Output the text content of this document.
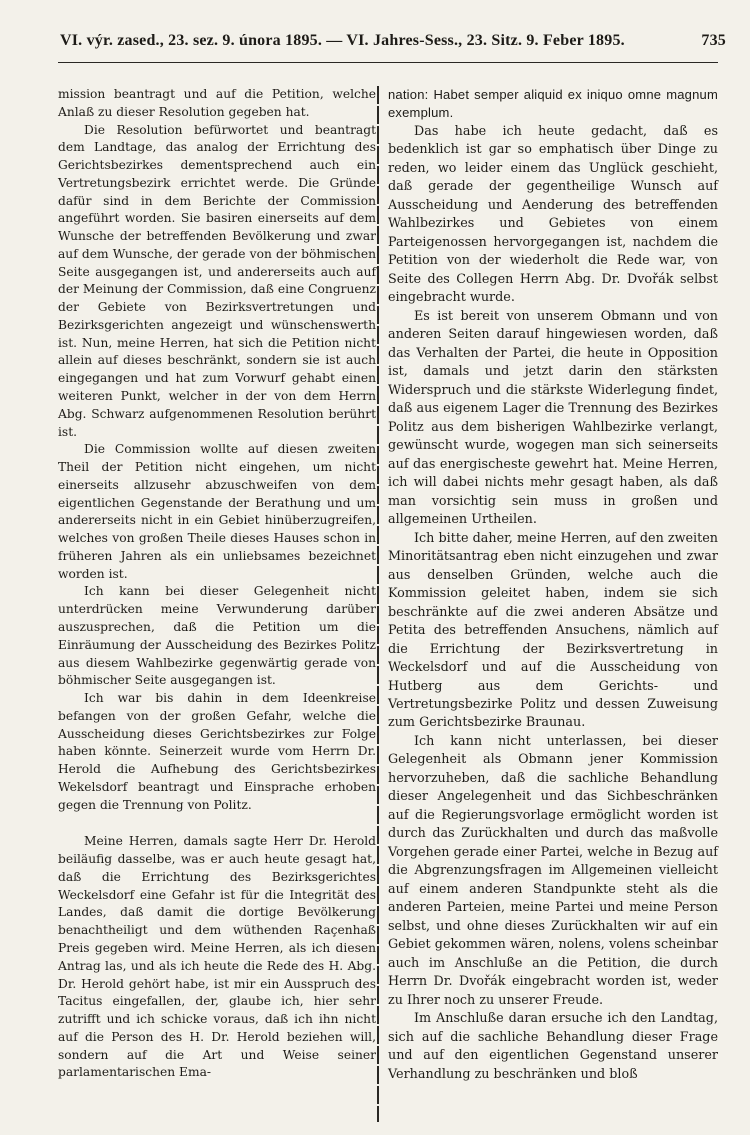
VI. výr. zased., 23. sez. 9. února 1895. — VI. Jahres-Sess., 23. Sitz. 9. Feber 1895.	735

mission beantragt und auf die Petition, welche Anlaß zu dieser Resolution gegeben hat.

Die Resolution befürwortet und beantragt dem Landtage, das analog der Errichtung des Gerichtsbezirkes dementsprechend auch ein Vertretungsbezirk errichtet werde. Die Gründe dafür sind in dem Berichte der Commission angeführt worden. Sie basiren einerseits auf dem Wunsche der betreffenden Bevölkerung und zwar auf dem Wunsche, der gerade von der böhmischen Seite ausgegangen ist, und andererseits auch auf der Meinung der Commission, daß eine Congruenz der Gebiete von Bezirksvertretungen und Bezirksgerichten angezeigt und wünschenswerth ist. Nun, meine Herren, hat sich die Petition nicht allein auf dieses beschränkt, sondern sie ist auch eingegangen und hat zum Vorwurf gehabt einen weiteren Punkt, welcher in der von dem Herrn Abg. Schwarz aufgenommenen Resolution berührt ist.

Die Commission wollte auf diesen zweiten Theil der Petition nicht eingehen, um nicht einerseits allzusehr abzuschweifen von dem eigentlichen Gegenstande der Berathung und um andererseits nicht in ein Gebiet hinüberzugreifen, welches von großen Theile dieses Hauses schon in früheren Jahren als ein unliebsames bezeichnet worden ist.

Ich kann bei dieser Gelegenheit nicht unterdrücken meine Verwunderung darüber auszusprechen, daß die Petition um die Einräumung der Ausscheidung des Bezirkes Politz aus diesem Wahlbezirke gegenwärtig gerade von böhmischer Seite ausgegangen ist.

Ich war bis dahin in dem Ideenkreise befangen von der großen Gefahr, welche die Ausscheidung dieses Gerichtsbezirkes zur Folge haben könnte. Seinerzeit wurde vom Herrn Dr. Herold die Aufhebung des Gerichtsbezirkes Wekelsdorf beantragt und Einsprache erhoben gegen die Trennung von Politz.

Meine Herren, damals sagte Herr Dr. Herold beiläufig dasselbe, was er auch heute gesagt hat, daß die Errichtung des Bezirksgerichtes Weckelsdorf eine Gefahr ist für die Integrität des Landes, daß damit die dortige Bevölkerung benachtheiligt und dem wüthenden Raçenhaß Preis gegeben wird. Meine Herren, als ich diesen Antrag las, und als ich heute die Rede des H. Abg. Dr. Herold gehört habe, ist mir ein Ausspruch des Tacitus eingefallen, der, glaube ich, hier sehr zutrifft und ich schicke voraus, daß ich ihn nicht auf die Person des H. Dr. Herold beziehen will, sondern auf die Art und Weise seiner parlamentarischen Ema-

nation: Habet semper aliquid ex iniquo omne magnum exemplum.

Das habe ich heute gedacht, daß es bedenklich ist gar so emphatisch über Dinge zu reden, wo leider einem das Unglück geschieht, daß gerade der gegentheilige Wunsch auf Ausscheidung und Aenderung des betreffenden Wahlbezirkes und Gebietes von einem Parteigenossen hervorgegangen ist, nachdem die Petition von der wiederholt die Rede war, von Seite des Collegen Herrn Abg. Dr. Dvořák selbst eingebracht wurde.

Es ist bereit von unserem Obmann und von anderen Seiten darauf hingewiesen worden, daß das Verhalten der Partei, die heute in Opposition ist, damals und jetzt darin den stärksten Widerspruch und die stärkste Widerlegung findet, daß aus eigenem Lager die Trennung des Bezirkes Politz aus dem bisherigen Wahlbezirke verlangt, gewünscht wurde, wogegen man sich seinerseits auf das energischeste gewehrt hat. Meine Herren, ich will dabei nichts mehr gesagt haben, als daß man vorsichtig sein muss in großen und allgemeinen Urtheilen.

Ich bitte daher, meine Herren, auf den zweiten Minoritätsantrag eben nicht einzugehen und zwar aus denselben Gründen, welche auch die Kommission geleitet haben, indem sie sich beschränkte auf die zwei anderen Absätze und Petita des betreffenden Ansuchens, nämlich auf die Errichtung der Bezirksvertretung in Weckelsdorf und auf die Ausscheidung von Hutberg aus dem Gerichts- und Vertretungsbezirke Politz und dessen Zuweisung zum Gerichtsbezirke Braunau.

Ich kann nicht unterlassen, bei dieser Gelegenheit als Obmann jener Kommission hervorzuheben, daß die sachliche Behandlung dieser Angelegenheit und das Sichbeschränken auf die Regierungsvorlage ermöglicht worden ist durch das Zurückhalten und durch das maßvolle Vorgehen gerade einer Partei, welche in Bezug auf die Abgrenzungsfragen im Allgemeinen vielleicht auf einem anderen Standpunkte steht als die anderen Parteien, meine Partei und meine Person selbst, und ohne dieses Zurückhalten wir auf ein Gebiet gekommen wären, nolens, volens scheinbar auch im Anschluße an die Petition, die durch Herrn Dr. Dvořák eingebracht worden ist, weder zu Ihrer noch zu unserer Freude.

Im Anschluße daran ersuche ich den Landtag, sich auf die sachliche Behandlung dieser Frage und auf den eigentlichen Gegenstand unserer Verhandlung zu beschränken und bloß
